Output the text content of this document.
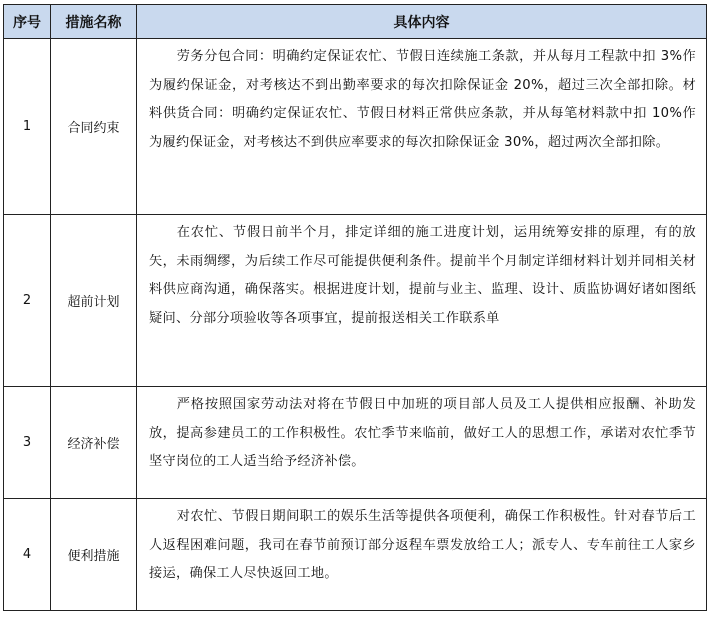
序号	措施名称	具体内容
1	合同约束	劳务分包合同：明确约定保证农忙、节假日连续施工条款，并从每月工程款中扣 3%作为履约保证金，对考核达不到出勤率要求的每次扣除保证金 20%，超过三次全部扣除。材料供货合同：明确约定保证农忙、节假日材料正常供应条款，并从每笔材料款中扣 10%作为履约保证金，对考核达不到供应率要求的每次扣除保证金 30%，超过两次全部扣除。

2	超前计划	在农忙、节假日前半个月，排定详细的施工进度计划，运用统筹安排的原理，有的放矢，未雨绸缪，为后续工作尽可能提供便利条件。提前半个月制定详细材料计划并同相关材料供应商沟通，确保落实。根据进度计划，提前与业主、监理、设计、质监协调好诸如图纸疑问、分部分项验收等各项事宜，提前报送相关工作联系单

3	经济补偿	严格按照国家劳动法对将在节假日中加班的项目部人员及工人提供相应报酬、补助发放，提高参建员工的工作积极性。农忙季节来临前，做好工人的思想工作，承诺对农忙季节坚守岗位的工人适当给予经济补偿。

4	便利措施	对农忙、节假日期间职工的娱乐生活等提供各项便利，确保工作积极性。针对春节后工人返程困难问题，我司在春节前预订部分返程车票发放给工人；派专人、专车前往工人家乡接运，确保工人尽快返回工地。
